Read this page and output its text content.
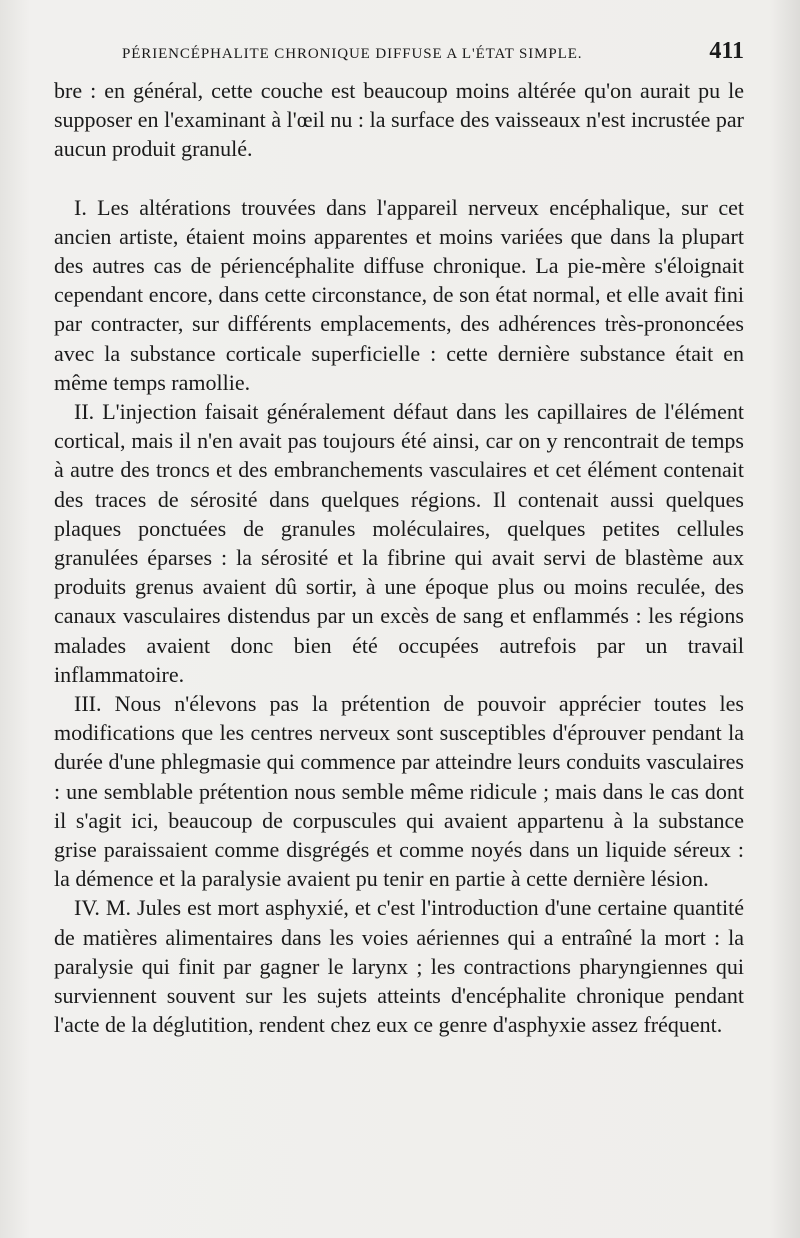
PÉRIENCÉPHALITE CHRONIQUE DIFFUSE A L'ÉTAT SIMPLE.	411

bre : en général, cette couche est beaucoup moins altérée qu'on aurait pu le supposer en l'examinant à l'œil nu : la surface des vaisseaux n'est incrustée par aucun produit granulé.

I. Les altérations trouvées dans l'appareil nerveux encéphalique, sur cet ancien artiste, étaient moins apparentes et moins variées que dans la plupart des autres cas de périencéphalite diffuse chronique. La pie-mère s'éloignait cependant encore, dans cette circonstance, de son état normal, et elle avait fini par contracter, sur différents emplacements, des adhérences très-prononcées avec la substance corticale superficielle : cette dernière substance était en même temps ramollie.

II. L'injection faisait généralement défaut dans les capillaires de l'élément cortical, mais il n'en avait pas toujours été ainsi, car on y rencontrait de temps à autre des troncs et des embranchements vasculaires et cet élément contenait des traces de sérosité dans quelques régions. Il contenait aussi quelques plaques ponctuées de granules moléculaires, quelques petites cellules granulées éparses : la sérosité et la fibrine qui avait servi de blastème aux produits grenus avaient dû sortir, à une époque plus ou moins reculée, des canaux vasculaires distendus par un excès de sang et enflammés : les régions malades avaient donc bien été occupées autrefois par un travail inflammatoire.

III. Nous n'élevons pas la prétention de pouvoir apprécier toutes les modifications que les centres nerveux sont susceptibles d'éprouver pendant la durée d'une phlegmasie qui commence par atteindre leurs conduits vasculaires : une semblable prétention nous semble même ridicule ; mais dans le cas dont il s'agit ici, beaucoup de corpuscules qui avaient appartenu à la substance grise paraissaient comme disgrégés et comme noyés dans un liquide séreux : la démence et la paralysie avaient pu tenir en partie à cette dernière lésion.

IV. M. Jules est mort asphyxié, et c'est l'introduction d'une certaine quantité de matières alimentaires dans les voies aériennes qui a entraîné la mort : la paralysie qui finit par gagner le larynx ; les contractions pharyngiennes qui surviennent souvent sur les sujets atteints d'encéphalite chronique pendant l'acte de la déglutition, rendent chez eux ce genre d'asphyxie assez fréquent.
